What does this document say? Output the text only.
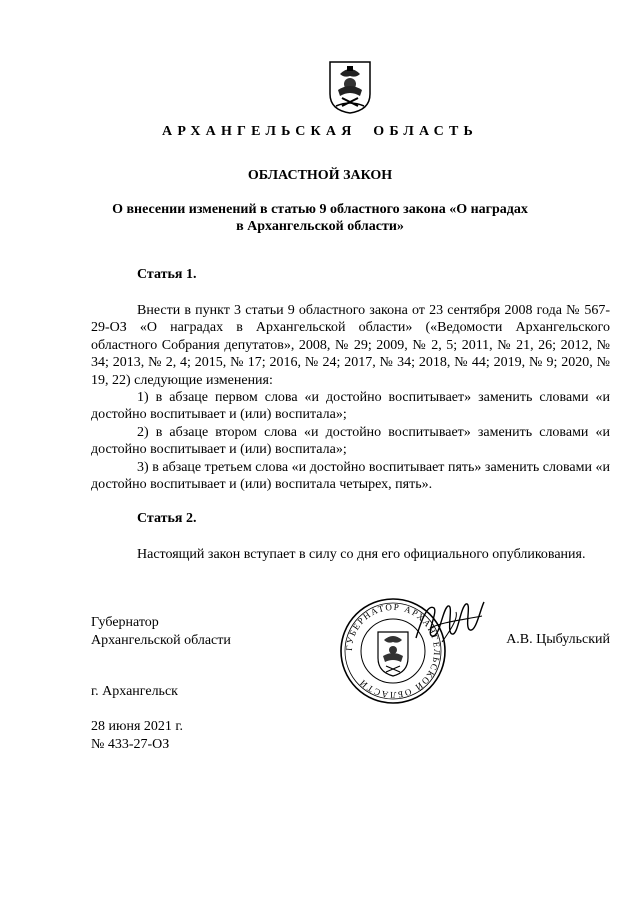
АРХАНГЕЛЬСКАЯ ОБЛАСТЬ
ОБЛАСТНОЙ ЗАКОН
О внесении изменений в статью 9 областного закона «О наградах в Архангельской области»
Статья 1.

Внести в пункт 3 статьи 9 областного закона от 23 сентября 2008 года № 567-29-ОЗ «О наградах в Архангельской области» («Ведомости Архангельского областного Собрания депутатов», 2008, № 29; 2009, № 2, 5; 2011, № 21, 26; 2012, № 34; 2013, № 2, 4; 2015, № 17; 2016, № 24; 2017, № 34; 2018, № 44; 2019, № 9; 2020, № 19, 22) следующие изменения:

1) в абзаце первом слова «и достойно воспитывает» заменить словами «и достойно воспитывает и (или) воспитала»;

2) в абзаце втором слова «и достойно воспитывает» заменить словами «и достойно воспитывает и (или) воспитала»;

3) в абзаце третьем слова «и достойно воспитывает пять» заменить словами «и достойно воспитывает и (или) воспитала четырех, пять».

Статья 2.

Настоящий закон вступает в силу со дня его официального опубликования.

Губернатор
Архангельской области	А.В. Цыбульский
ГУБЕРНАТОР АРХАНГЕЛЬСКОЙ ОБЛАСТИ
г. Архангельск
28 июня 2021 г.
№ 433-27-ОЗ
